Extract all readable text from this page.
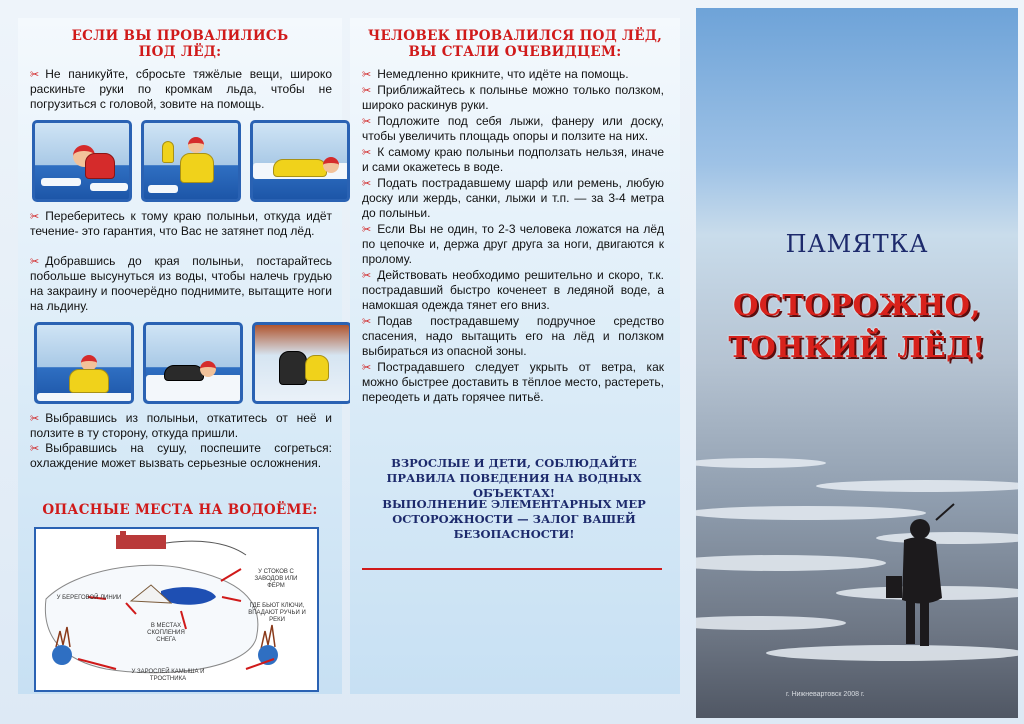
ЕСЛИ ВЫ ПРОВАЛИЛИСЬ
ПОД ЛЁД:
✂ Не паникуйте, сбросьте тяжёлые вещи, широко раскиньте руки по кромкам льда, чтобы не погрузиться с головой, зовите на помощь.
✂ Переберитесь к тому краю полыньи, откуда идёт течение- это гарантия, что Вас не затянет под лёд.
✂ Добравшись до края полыньи, постарайтесь побольше высунуться из воды, чтобы налечь грудью на закраину и поочерёдно поднимите, вытащите ноги на льдину.
✂ Выбравшись из полыньи, откатитесь от неё и ползите в ту сторону, откуда пришли.
✂ Выбравшись на сушу, поспешите согреться: охлаждение может вызвать серьезные осложнения.
ОПАСНЫЕ МЕСТА НА ВОДОЁМЕ:
У СТОКОВ С ЗАВОДОВ ИЛИ ФЕРМ
У БЕРЕГОВОЙ ЛИНИИ
ГДЕ БЬЮТ КЛЮЧИ, ВПАДАЮТ РУЧЬИ И РЕКИ
В МЕСТАХ СКОПЛЕНИЯ СНЕГА
У ЗАРОСЛЕЙ КАМЫША И ТРОСТНИКА
ЧЕЛОВЕК ПРОВАЛИЛСЯ ПОД ЛЁД,
ВЫ СТАЛИ ОЧЕВИДЦЕМ:
✂ Немедленно крикните, что идёте на помощь.
✂ Приближайтесь к полынье можно только ползком, широко раскинув руки.
✂ Подложите под себя лыжи, фанеру или доску, чтобы увеличить площадь опоры и ползите на них.
✂ К самому краю полыньи подползать нельзя, иначе и сами окажетесь в воде.
✂ Подать пострадавшему шарф или ремень, любую доску или жердь, санки, лыжи и т.п. — за 3-4 метра до полыньи.
✂ Если Вы не один, то 2-3 человека ложатся на лёд по цепочке и, держа друг друга за ноги, двигаются к пролому.
✂ Действовать необходимо решительно и скоро, т.к. пострадавший быстро коченеет в ледяной воде, а намокшая одежда тянет его вниз.
✂ Подав пострадавшему подручное средство спасения, надо вытащить его на лёд и ползком выбираться из опасной зоны.
✂ Пострадавшего следует укрыть от ветра, как можно быстрее доставить в тёплое место, растереть, переодеть и дать горячее питьё.
ВЗРОСЛЫЕ И ДЕТИ, СОБЛЮДАЙТЕ ПРАВИЛА ПОВЕДЕНИЯ НА ВОДНЫХ ОБЪЕКТАХ!
ВЫПОЛНЕНИЕ ЭЛЕМЕНТАРНЫХ МЕР ОСТОРОЖНОСТИ — ЗАЛОГ ВАШЕЙ БЕЗОПАСНОСТИ!
ПАМЯТКА
ОСТОРОЖНО,
ТОНКИЙ ЛЁД!
г. Нижневартовск 2008 г.
